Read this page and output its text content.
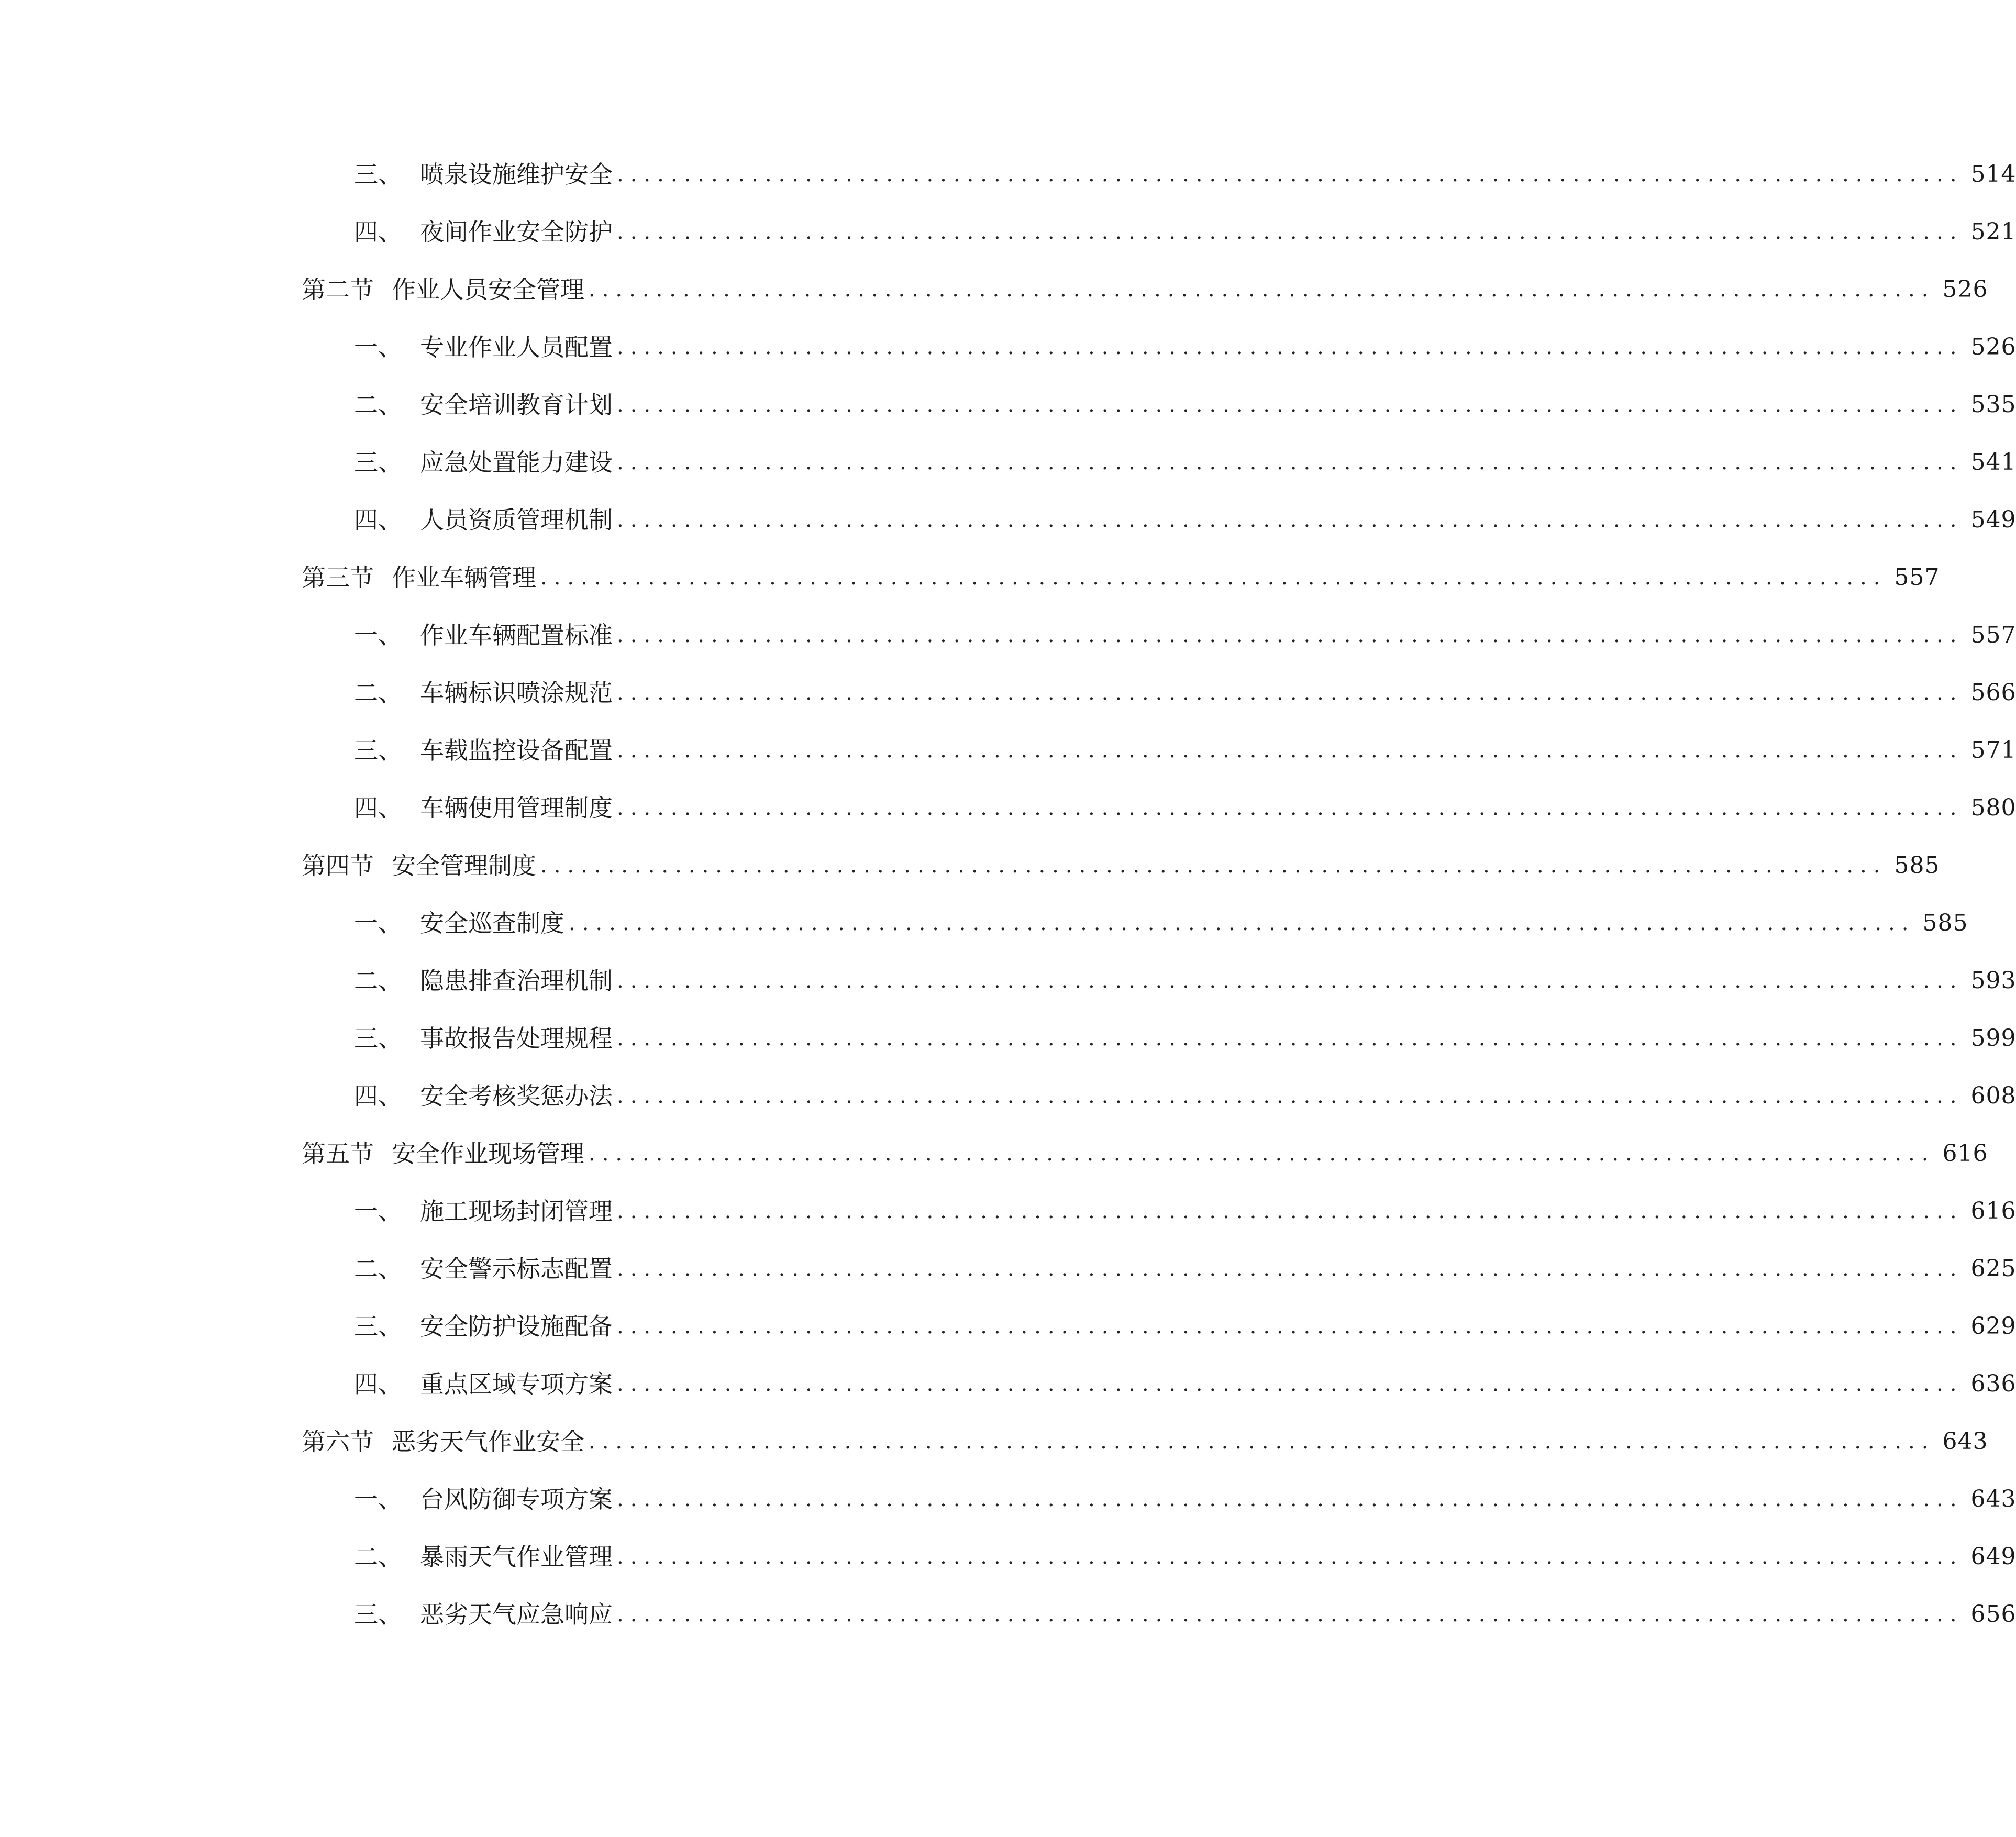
三、 喷泉设施维护安全 .................................................................................................... 514
四、 夜间作业安全防护 .................................................................................................... 521
第二节 作业人员安全管理 .................................................................................................... 526
一、 专业作业人员配置 .................................................................................................... 526
二、 安全培训教育计划 .................................................................................................... 535
三、 应急处置能力建设 .................................................................................................... 541
四、 人员资质管理机制 .................................................................................................... 549
第三节 作业车辆管理 .................................................................................................... 557
一、 作业车辆配置标准 .................................................................................................... 557
二、 车辆标识喷涂规范 .................................................................................................... 566
三、 车载监控设备配置 .................................................................................................... 571
四、 车辆使用管理制度 .................................................................................................... 580
第四节 安全管理制度 .................................................................................................... 585
一、 安全巡查制度 .................................................................................................... 585
二、 隐患排查治理机制 .................................................................................................... 593
三、 事故报告处理规程 .................................................................................................... 599
四、 安全考核奖惩办法 .................................................................................................... 608
第五节 安全作业现场管理 .................................................................................................... 616
一、 施工现场封闭管理 .................................................................................................... 616
二、 安全警示标志配置 .................................................................................................... 625
三、 安全防护设施配备 .................................................................................................... 629
四、 重点区域专项方案 .................................................................................................... 636
第六节 恶劣天气作业安全 .................................................................................................... 643
一、 台风防御专项方案 .................................................................................................... 643
二、 暴雨天气作业管理 .................................................................................................... 649
三、 恶劣天气应急响应 .................................................................................................... 656
